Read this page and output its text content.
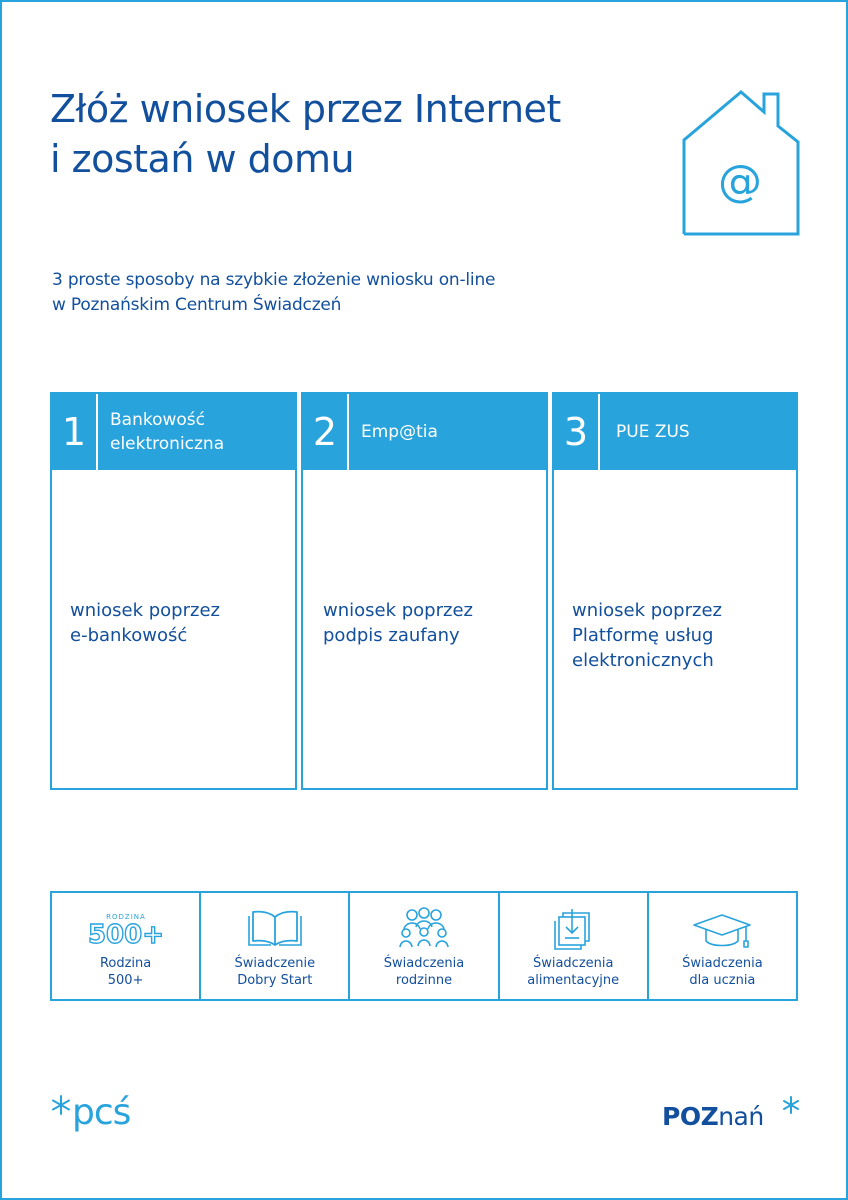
Złóż wniosek przez Internet
i zostań w domu	@
3 proste sposoby na szybkie złożenie wniosku on-line
w Poznańskim Centrum Świadczeń
1	Bankowość
elektroniczna
wniosek poprzez
e-bankowość
2	Emp@tia
wniosek poprzez
podpis zaufany
3	PUE ZUS
wniosek poprzez
Platformę usług
elektronicznych
RODZINA
500+
Rodzina
500+
Świadczenie
Dobry Start
Świadczenia
rodzinne
Świadczenia
alimentacyjne
Świadczenia
dla ucznia
pcś	POZnań
